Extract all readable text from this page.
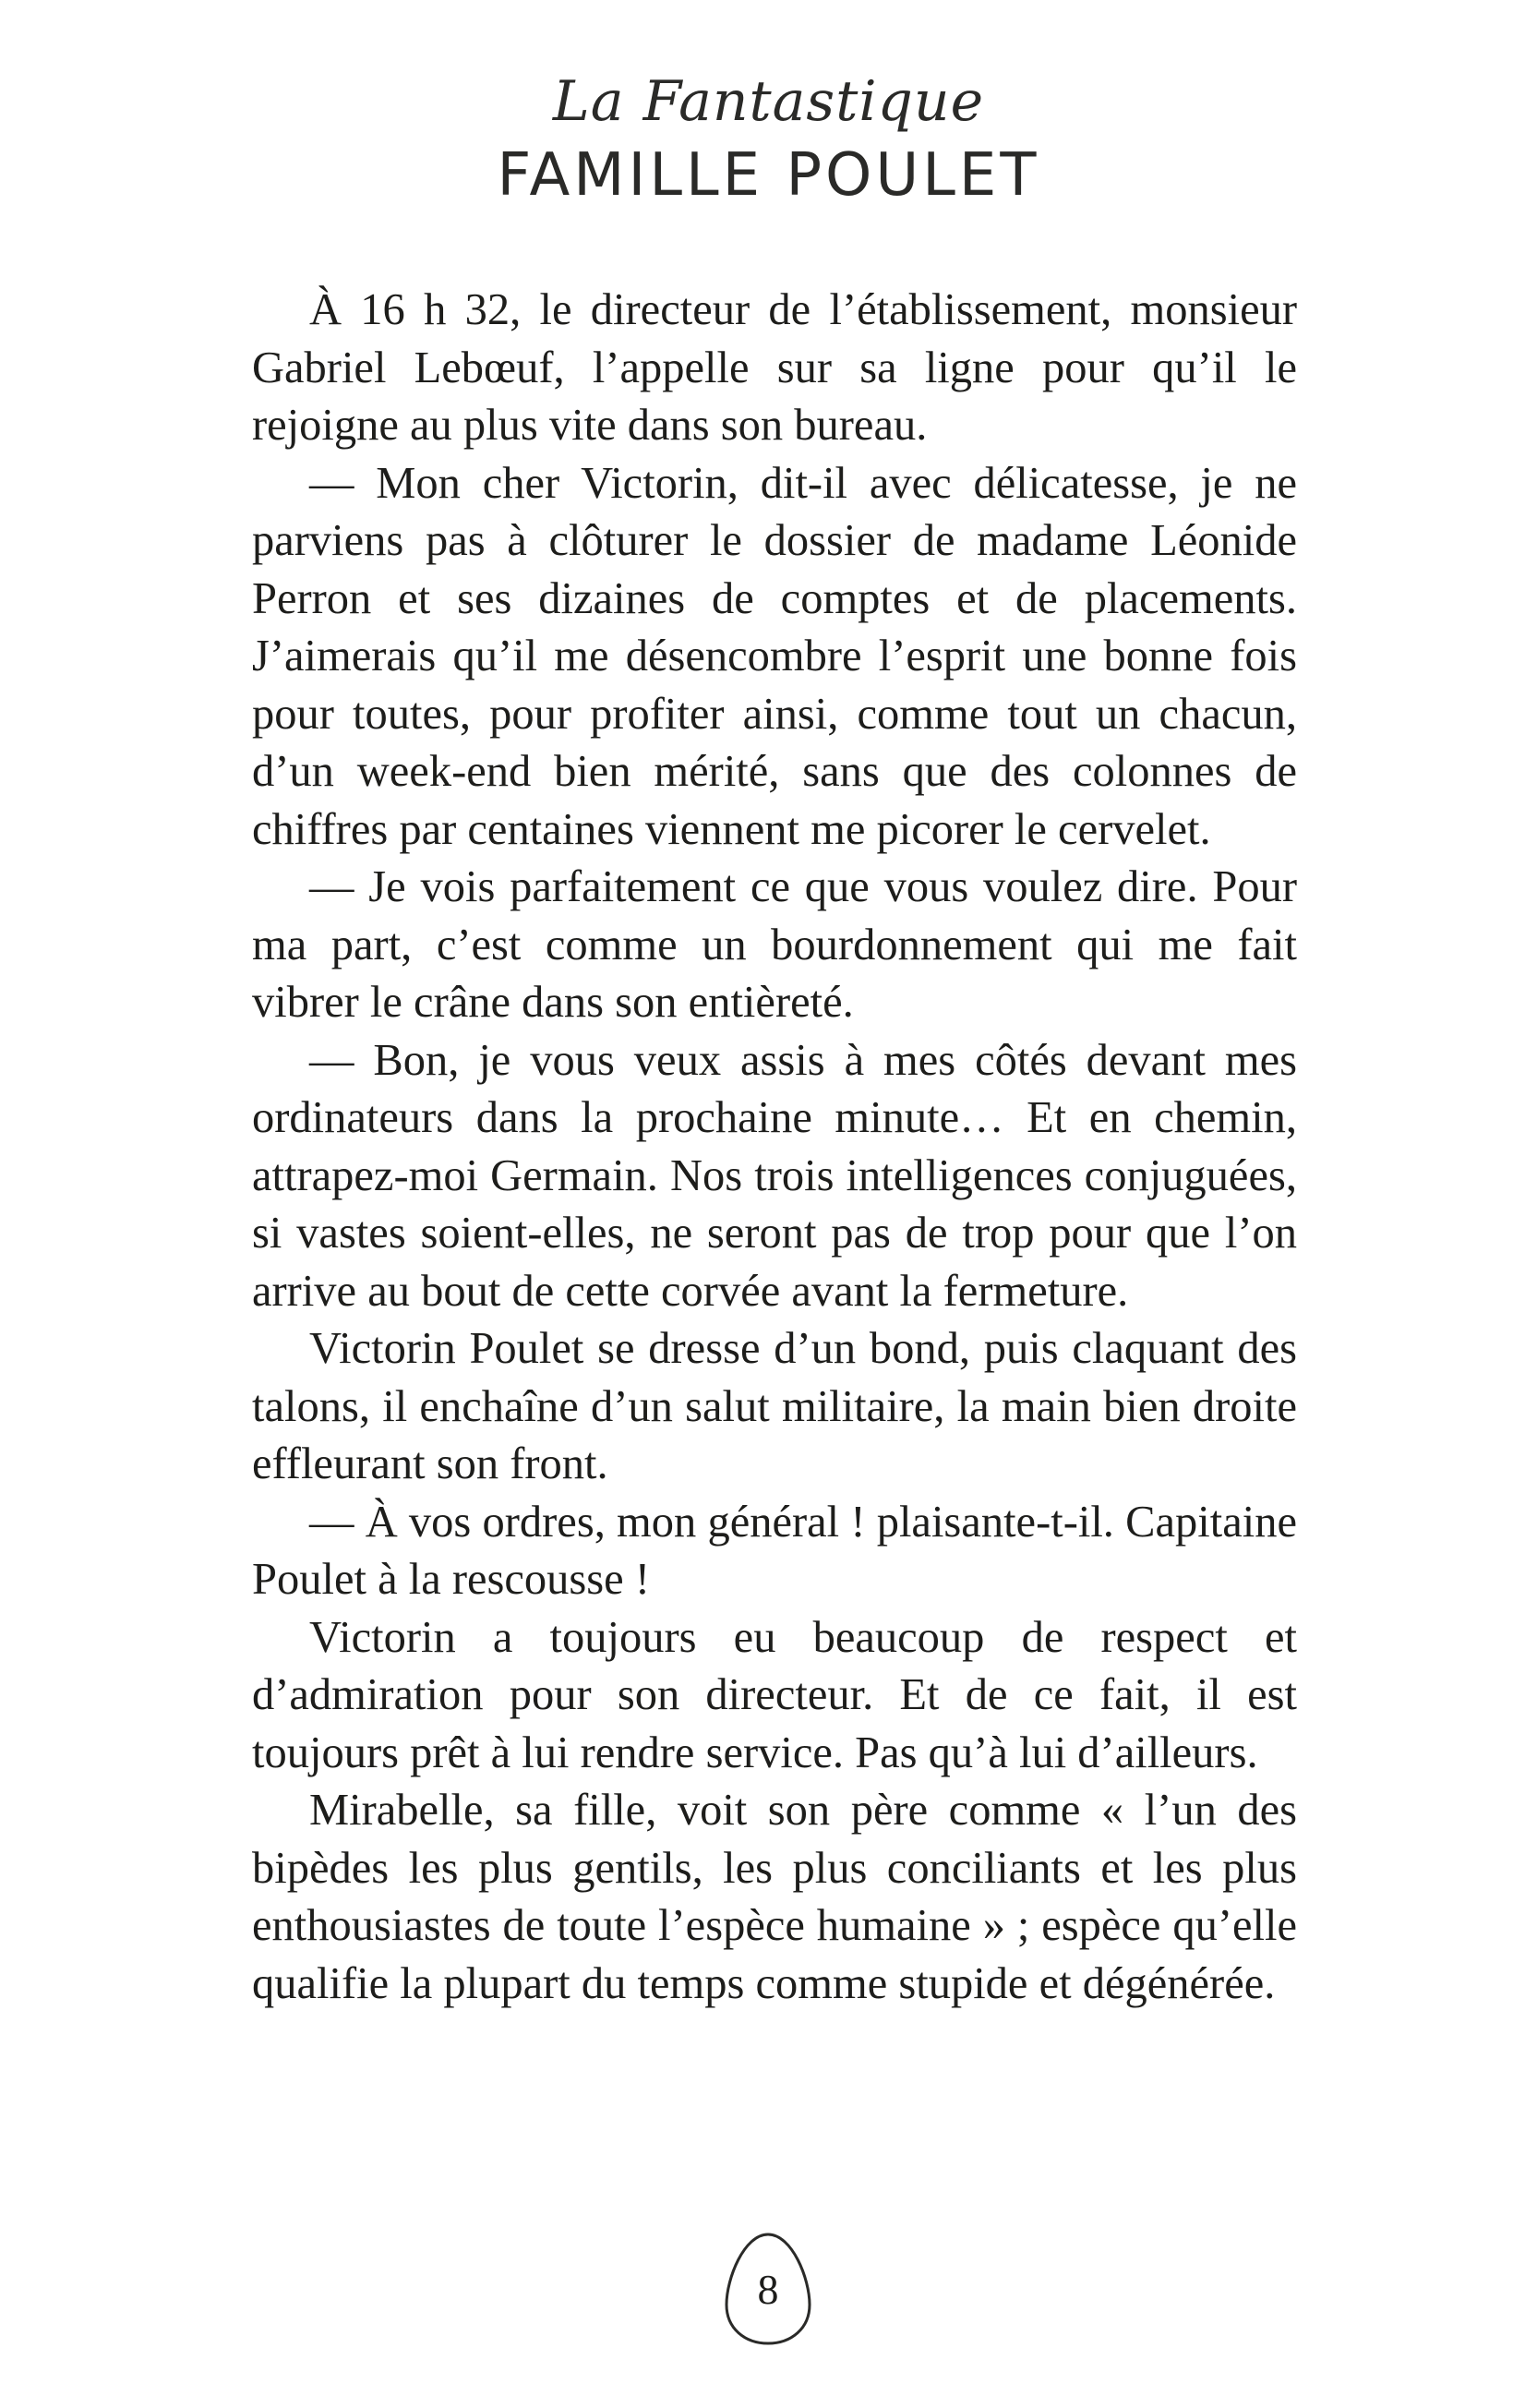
La Fantastique
FAMILLE POULET

À 16 h 32, le directeur de l’établissement, monsieur Gabriel Lebœuf, l’appelle sur sa ligne pour qu’il le rejoigne au plus vite dans son bureau.

— Mon cher Victorin, dit-il avec délicatesse, je ne parviens pas à clôturer le dossier de madame Léonide Perron et ses dizaines de comptes et de placements. J’aimerais qu’il me désencombre l’esprit une bonne fois pour toutes, pour profiter ainsi, comme tout un chacun, d’un week-end bien mérité, sans que des colonnes de chiffres par centaines viennent me picorer le cervelet.

— Je vois parfaitement ce que vous voulez dire. Pour ma part, c’est comme un bourdonnement qui me fait vibrer le crâne dans son entièreté.

— Bon, je vous veux assis à mes côtés devant mes ordinateurs dans la prochaine minute… Et en chemin, attrapez-moi Germain. Nos trois intelligences conjuguées, si vastes soient-elles, ne seront pas de trop pour que l’on arrive au bout de cette corvée avant la fermeture.

Victorin Poulet se dresse d’un bond, puis claquant des talons, il enchaîne d’un salut militaire, la main bien droite effleurant son front.

— À vos ordres, mon général ! plaisante-t-il. Capitaine Poulet à la rescousse !

Victorin a toujours eu beaucoup de respect et d’admiration pour son directeur. Et de ce fait, il est toujours prêt à lui rendre service. Pas qu’à lui d’ailleurs.

Mirabelle, sa fille, voit son père comme « l’un des bipèdes les plus gentils, les plus conciliants et les plus enthousiastes de toute l’espèce humaine » ; espèce qu’elle qualifie la plupart du temps comme stupide et dégénérée.

8
